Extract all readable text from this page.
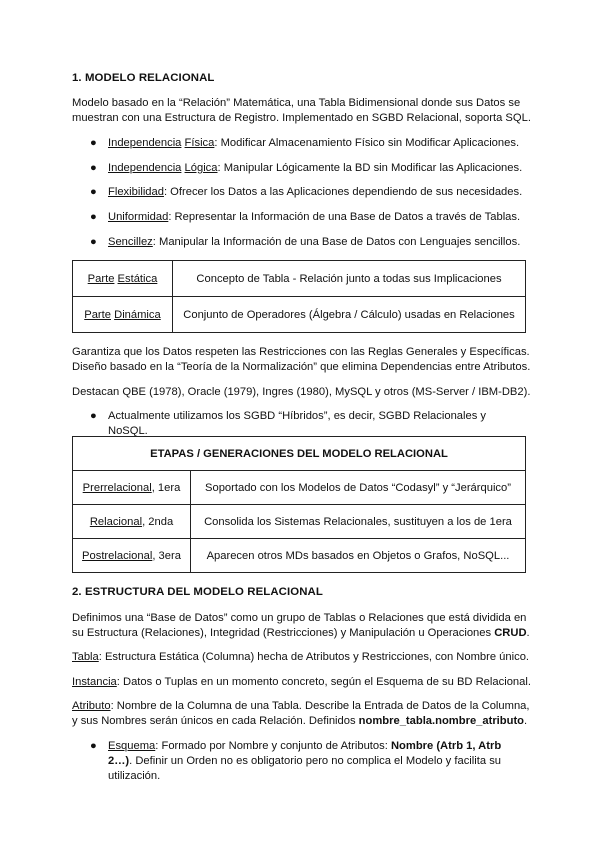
1. MODELO RELACIONAL

Modelo basado en la “Relación” Matemática, una Tabla Bidimensional donde sus Datos se muestran con una Estructura de Registro. Implementado en SGBD Relacional, soporta SQL.

● Independencia Física: Modificar Almacenamiento Físico sin Modificar Aplicaciones.
● Independencia Lógica: Manipular Lógicamente la BD sin Modificar las Aplicaciones.
● Flexibilidad: Ofrecer los Datos a las Aplicaciones dependiendo de sus necesidades.
● Uniformidad: Representar la Información de una Base de Datos a través de Tablas.
● Sencillez: Manipular la Información de una Base de Datos con Lenguajes sencillos.
Parte Estática	Concepto de Tabla - Relación junto a todas sus Implicaciones
Parte Dinámica	Conjunto de Operadores (Álgebra / Cálculo) usadas en Relaciones

Garantiza que los Datos respeten las Restricciones con las Reglas Generales y Específicas. Diseño basado en la “Teoría de la Normalización” que elimina Dependencias entre Atributos.

Destacan QBE (1978), Oracle (1979), Ingres (1980), MySQL y otros (MS-Server / IBM-DB2).

● Actualmente utilizamos los SGBD “Híbridos”, es decir, SGBD Relacionales y NoSQL.
ETAPAS / GENERACIONES DEL MODELO RELACIONAL	
Prerrelacional, 1era	Soportado con los Modelos de Datos “Codasyl” y “Jerárquico”
Relacional, 2nda	Consolida los Sistemas Relacionales, sustituyen a los de 1era
Postrelacional, 3era	Aparecen otros MDs basados en Objetos o Grafos, NoSQL...
2. ESTRUCTURA DEL MODELO RELACIONAL

Definimos una “Base de Datos” como un grupo de Tablas o Relaciones que está dividida en su Estructura (Relaciones), Integridad (Restricciones) y Manipulación u Operaciones CRUD.

Tabla: Estructura Estática (Columna) hecha de Atributos y Restricciones, con Nombre único.

Instancia: Datos o Tuplas en un momento concreto, según el Esquema de su BD Relacional.

Atributo: Nombre de la Columna de una Tabla. Describe la Entrada de Datos de la Columna, y sus Nombres serán únicos en cada Relación. Definidos nombre_tabla.nombre_atributo.

● Esquema: Formado por Nombre y conjunto de Atributos: Nombre (Atrb 1, Atrb 2…). Definir un Orden no es obligatorio pero no complica el Modelo y facilita su utilización.
